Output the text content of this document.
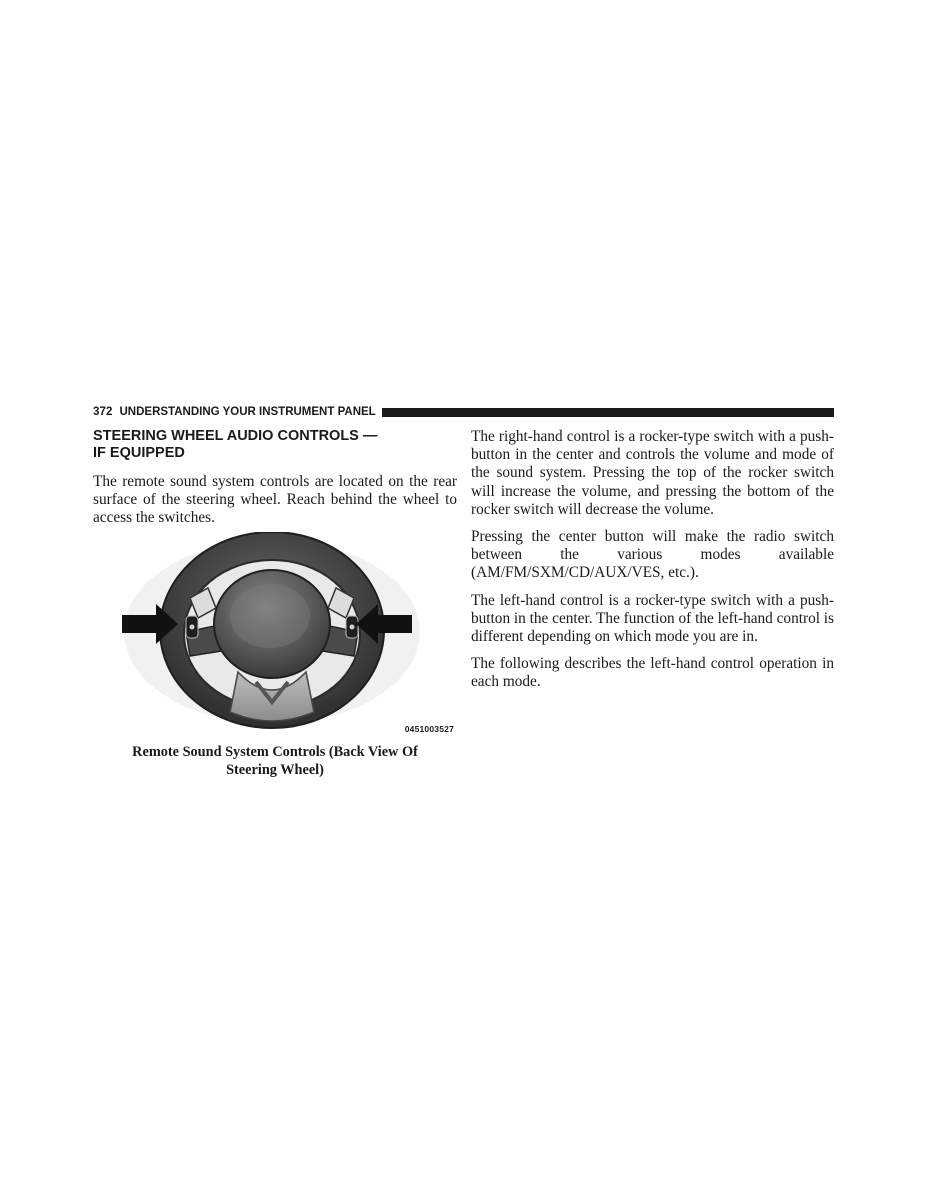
372 UNDERSTANDING YOUR INSTRUMENT PANEL
STEERING WHEEL AUDIO CONTROLS —
IF EQUIPPED

The remote sound system controls are located on the rear surface of the steering wheel. Reach behind the wheel to access the switches.

0451003527
Remote Sound System Controls (Back View Of
Steering Wheel)

The right-hand control is a rocker-type switch with a push-button in the center and controls the volume and mode of the sound system. Pressing the top of the rocker switch will increase the volume, and pressing the bottom of the rocker switch will decrease the volume.

Pressing the center button will make the radio switch between the various modes available (AM/FM/SXM/CD/AUX/VES, etc.).

The left-hand control is a rocker-type switch with a push-button in the center. The function of the left-hand control is different depending on which mode you are in.

The following describes the left-hand control operation in each mode.
